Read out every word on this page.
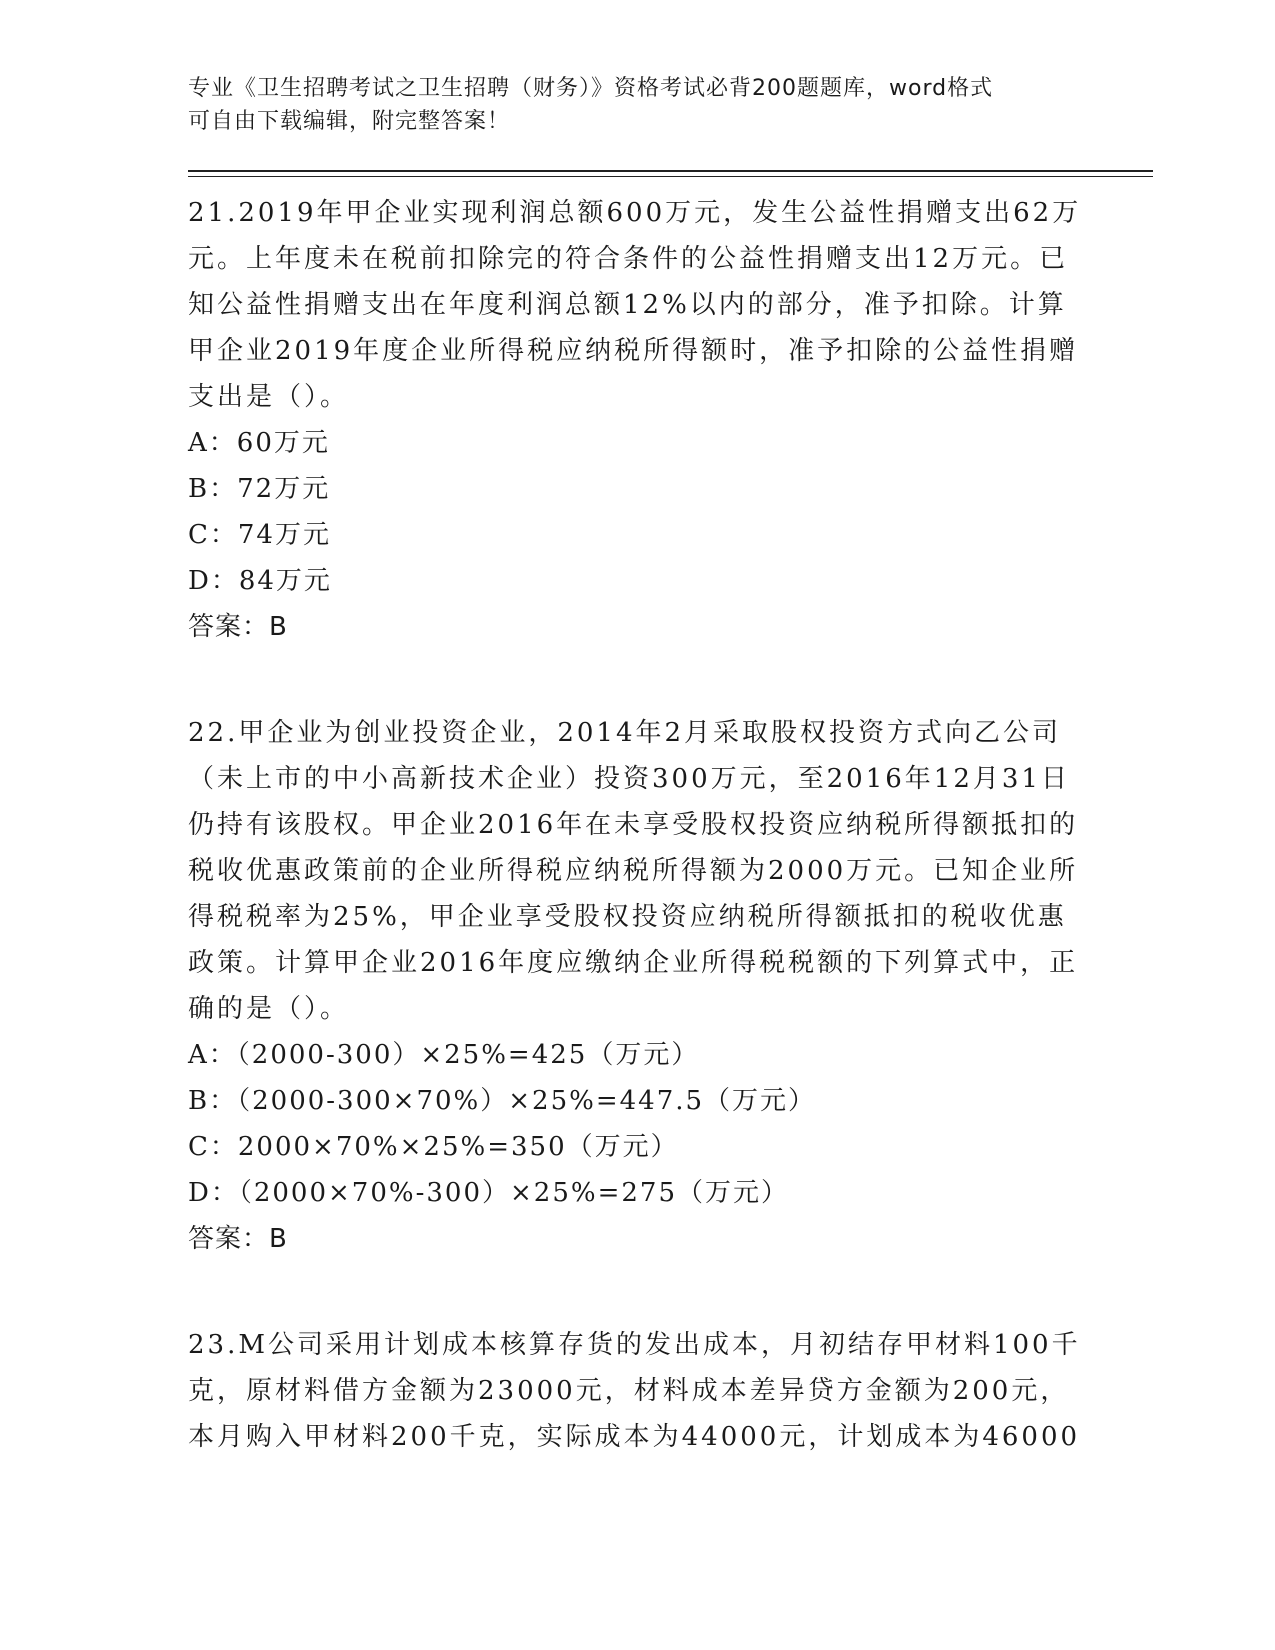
专业《卫生招聘考试之卫生招聘（财务）》资格考试必背200题题库，word格式
可自由下载编辑，附完整答案！

21.2019年甲企业实现利润总额600万元，发生公益性捐赠支出62万元。上年度未在税前扣除完的符合条件的公益性捐赠支出12万元。已知公益性捐赠支出在年度利润总额12%以内的部分，准予扣除。计算甲企业2019年度企业所得税应纳税所得额时，准予扣除的公益性捐赠支出是（）。

A：60万元

B：72万元

C：74万元

D：84万元

答案：B

22.甲企业为创业投资企业，2014年2月采取股权投资方式向乙公司（未上市的中小高新技术企业）投资300万元，至2016年12月31日仍持有该股权。甲企业2016年在未享受股权投资应纳税所得额抵扣的税收优惠政策前的企业所得税应纳税所得额为2000万元。已知企业所得税税率为25%，甲企业享受股权投资应纳税所得额抵扣的税收优惠政策。计算甲企业2016年度应缴纳企业所得税税额的下列算式中，正确的是（）。

A：（2000-300）×25%=425（万元）

B：（2000-300×70%）×25%=447.5（万元）

C：2000×70%×25%=350（万元）

D：（2000×70%-300）×25%=275（万元）

答案：B

23.M公司采用计划成本核算存货的发出成本，月初结存甲材料100千克，原材料借方金额为23000元，材料成本差异贷方金额为200元，本月购入甲材料200千克，实际成本为44000元，计划成本为46000
